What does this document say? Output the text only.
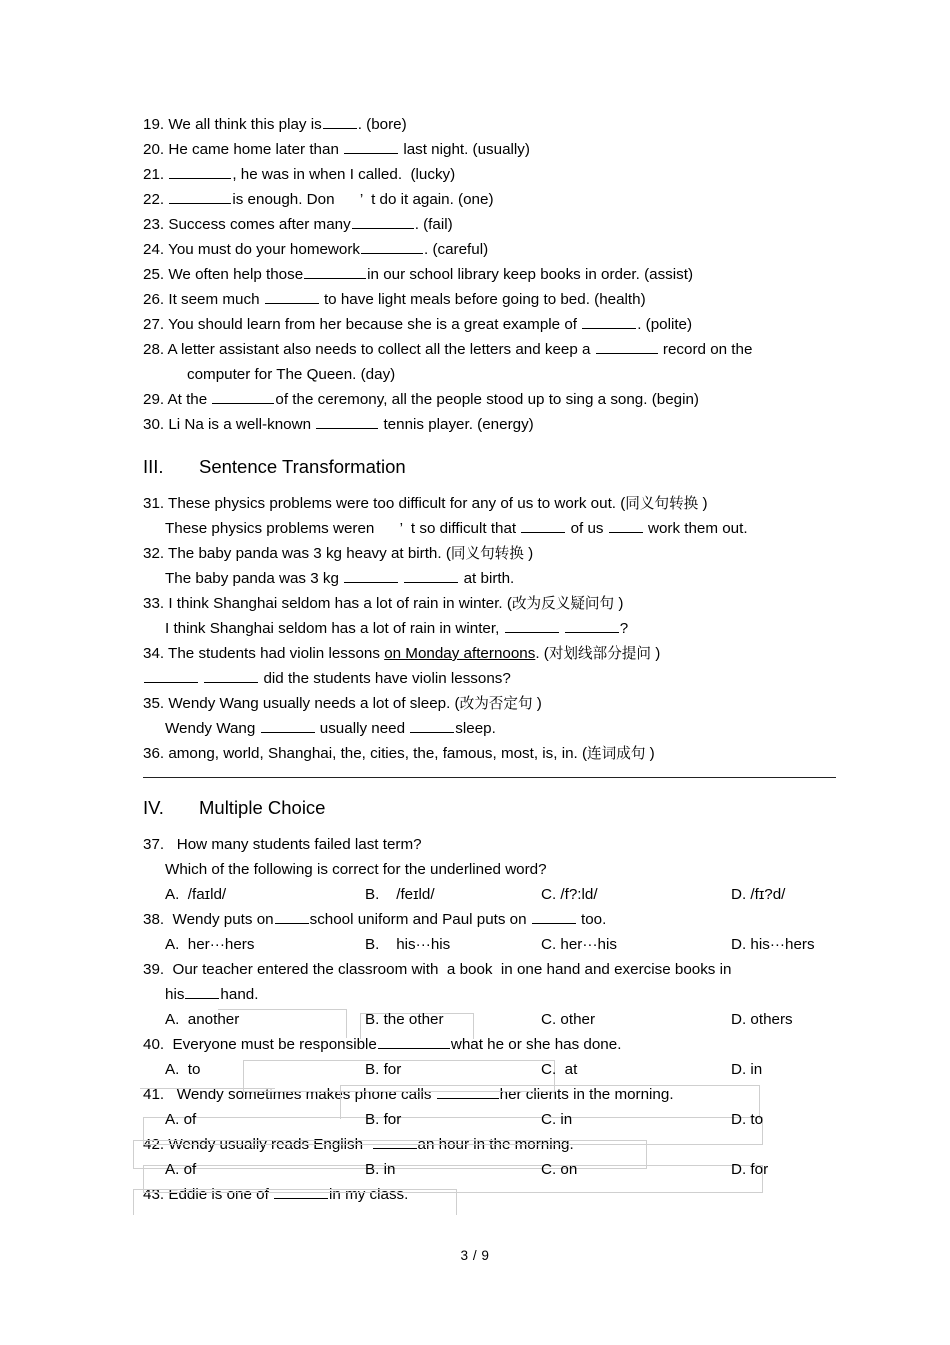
19. We all think this play is . (bore)
20. He came home later than	last night. (usually)
21.	, he was in when I called.  (lucky)
22.	is enough. Don      ’  t do it again. (one)
23. Success comes after many	. (fail)
24. You must do your homework	. (careful)
25. We often help those	in our school library keep books in order. (assist)
26. It seem much	to have light meals before going to bed. (health)
27. You should learn from her because she is a great example of	. (polite)
28. A letter assistant also needs to collect all the letters and keep a	record on the
computer for The Queen. (day)
29. At the	of the ceremony, all the people stood up to sing a song. (begin)
30. Li Na is a well-known	tennis player. (energy)
III. Sentence Transformation
31. These physics problems were too difficult for any of us to work out. (同义句转换 )
These physics problems weren      ’  t so difficult that	of us  work them out.
32. The baby panda was 3 kg heavy at birth. (同义句转换 )
The baby panda was 3 kg	at birth.
33. I think Shanghai seldom has a lot of rain in winter. (改为反义疑问句 )
I think Shanghai seldom has a lot of rain in winter,	?
34. The students had violin lessons on Monday afternoons. (对划线部分提问 )
did the students have violin lessons?
35. Wendy Wang usually needs a lot of sleep. (改为否定句 )
Wendy Wang	usually need	sleep.
36. among, world, Shanghai, the, cities, the, famous, most, is, in. (连词成句 )
IV. Multiple Choice
37.   How many students failed last term?
Which of the following is correct for the underlined word?

A.  /faɪld/

	B.    /feɪld/

	C. /f?:ld/

	D. /fɪ?d/

38.  Wendy puts on school uniform and Paul puts on	too.

A.  her···hers

	B.    his···his

	C. her···his

	D. his···hers

39.  Our teacher entered the classroom with  a book  in one hand and exercise books in
his hand.

A.  another

	B. the other

	C. other

	D. others

40.  Everyone must be responsible	what he or she has done.

A.  to

	B. for

	C.  at

	D. in

41.   Wendy sometimes makes phone calls	her clients in the morning.

A. of

	B. for

	C. in

	D. to

42. Wendy usually reads English	an hour in the morning.

A. of

	B. in

	C. on

	D. for

43. Eddie is one of	in my class.
3 / 9
